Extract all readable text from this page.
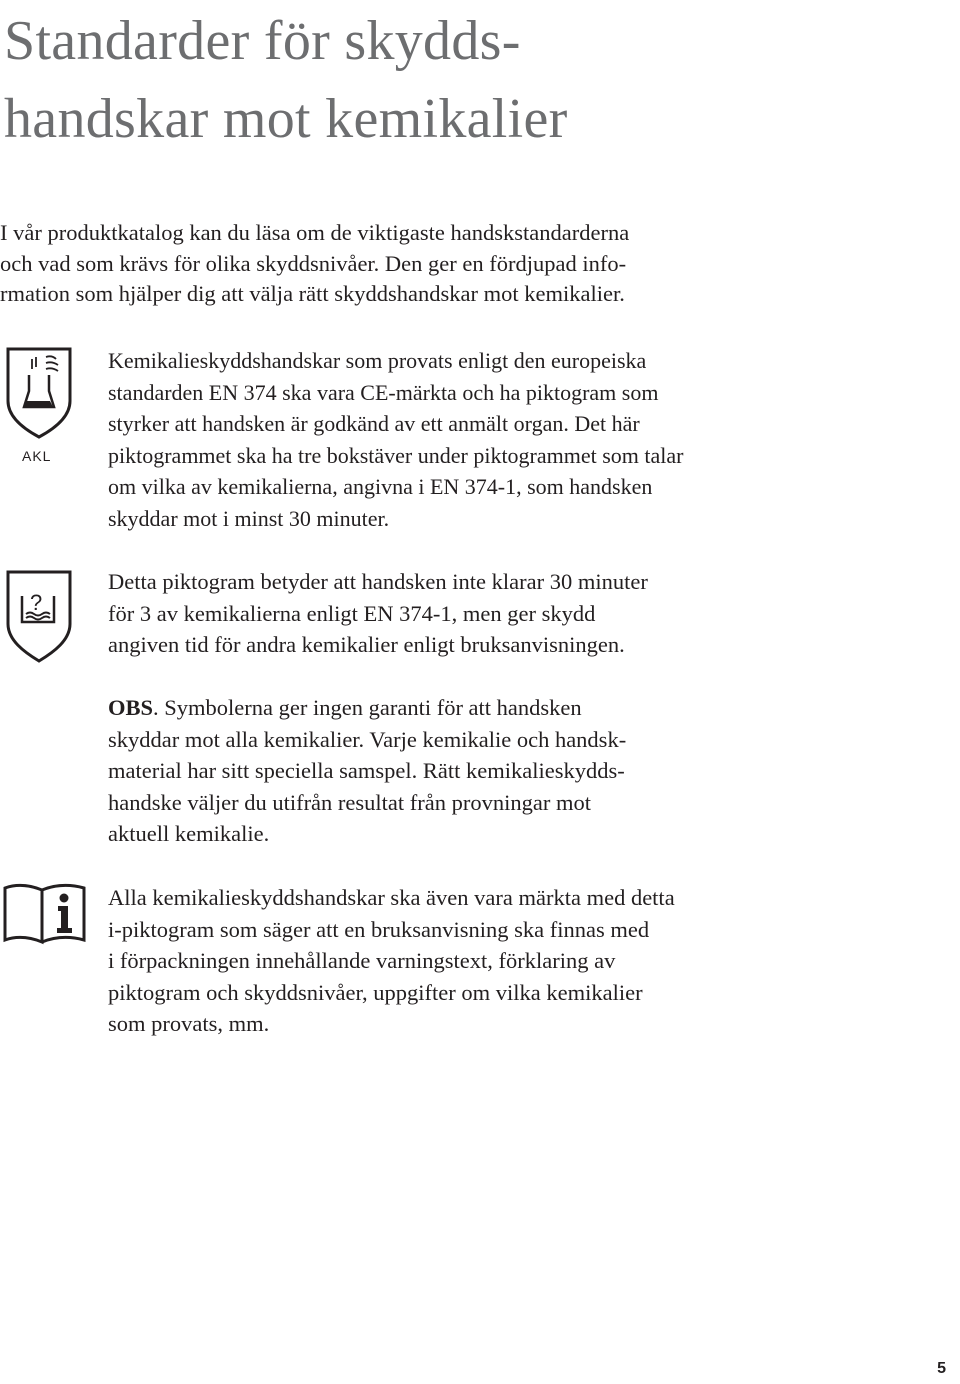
Standarder för skydds-
handskar mot kemikalier
I vår produktkatalog kan du läsa om de viktigaste handskstandarderna
och vad som krävs för olika skyddsnivåer. Den ger en fördjupad info-
rmation som hjälper dig att välja rätt skyddshandskar mot kemikalier.
AKL
Kemikalieskyddshandskar som provats enligt den europeiska
standarden EN 374 ska vara CE-märkta och ha piktogram som
styrker att handsken är godkänd av ett anmält organ. Det här
piktogrammet ska ha tre bokstäver under piktogrammet som talar
om vilka av kemikalierna, angivna i EN 374-1, som handsken
skyddar mot i minst 30 minuter.
?
Detta piktogram betyder att handsken inte klarar 30 minuter
för 3 av kemikalierna enligt EN 374-1, men ger skydd
angiven tid för andra kemikalier enligt bruksanvisningen.
OBS. Symbolerna ger ingen garanti för att handsken
skyddar mot alla kemikalier. Varje kemikalie och handsk-
material har sitt speciella samspel. Rätt kemikalieskydds-
handske väljer du utifrån resultat från provningar mot
aktuell kemikalie.
Alla kemikalieskyddshandskar ska även vara märkta med detta
i-piktogram som säger att en bruksanvisning ska finnas med
i förpackningen innehållande varningstext, förklaring av
piktogram och skyddsnivåer, uppgifter om vilka kemikalier
som provats, mm.
5
